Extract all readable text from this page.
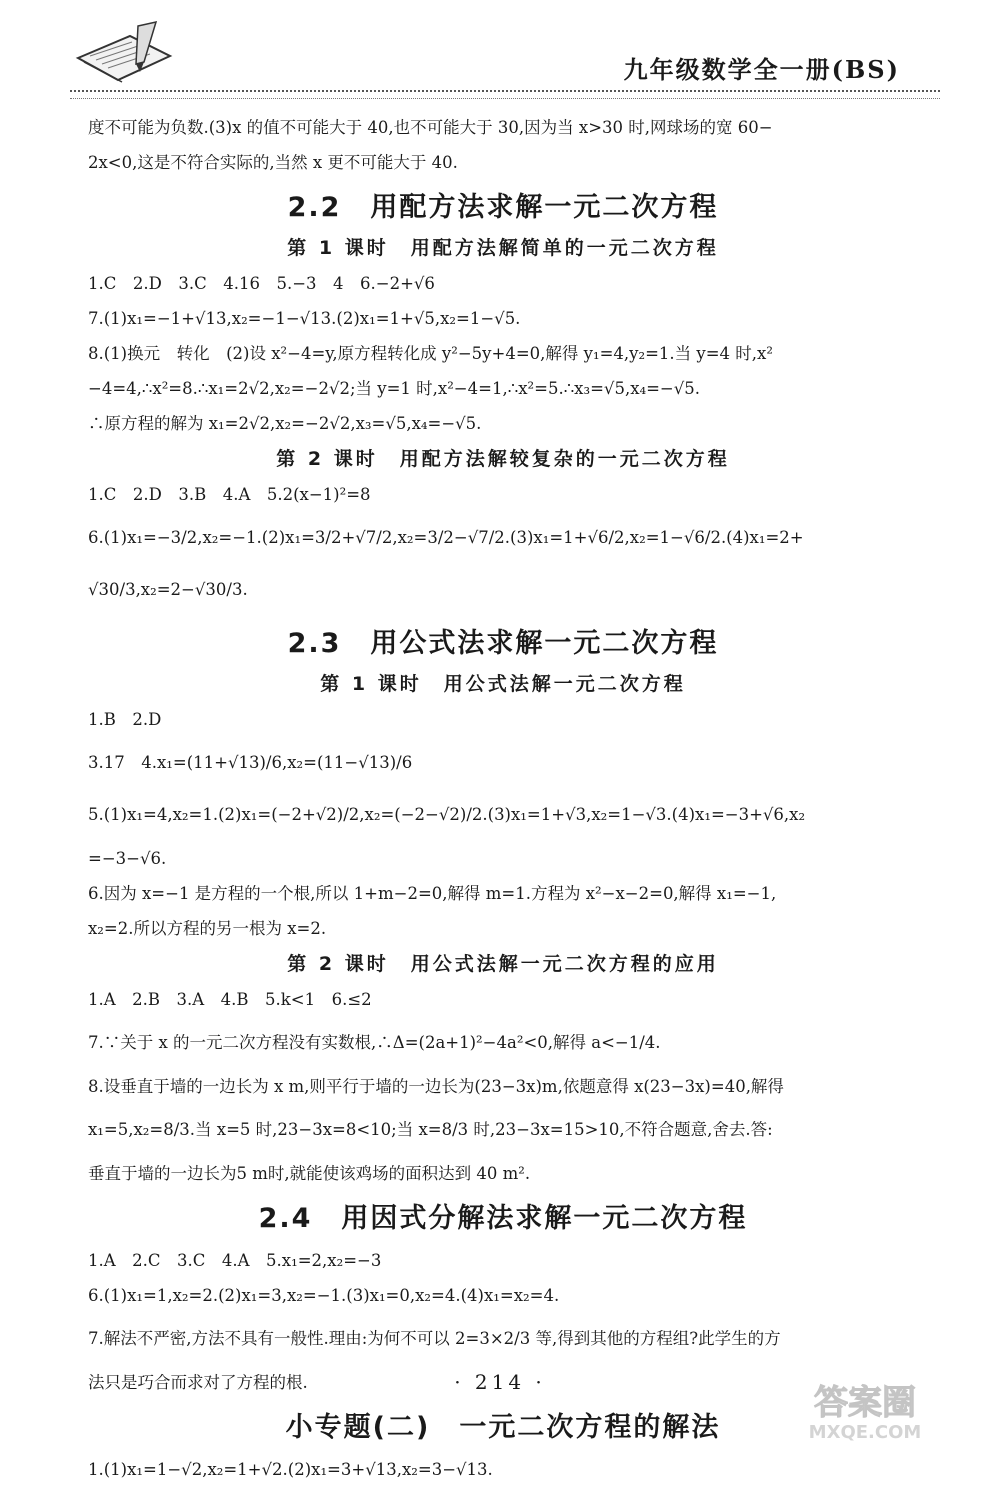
九年级数学全一册(BS)

度不可能为负数.(3)x 的值不可能大于 40,也不可能大于 30,因为当 x>30 时,网球场的宽 60−

2x<0,这是不符合实际的,当然 x 更不可能大于 40.

2.2　用配方法求解一元二次方程
第 1 课时　用配方法解简单的一元二次方程

1.C　2.D　3.C　4.16　5.−3　4　6.−2+√6

7.(1)x₁=−1+√13,x₂=−1−√13.(2)x₁=1+√5,x₂=1−√5.

8.(1)换元　转化　(2)设 x²−4=y,原方程转化成 y²−5y+4=0,解得 y₁=4,y₂=1.当 y=4 时,x²

−4=4,∴x²=8.∴x₁=2√2,x₂=−2√2;当 y=1 时,x²−4=1,∴x²=5.∴x₃=√5,x₄=−√5.

∴原方程的解为 x₁=2√2,x₂=−2√2,x₃=√5,x₄=−√5.

第 2 课时　用配方法解较复杂的一元二次方程

1.C　2.D　3.B　4.A　5.2(x−1)²=8

6.(1)x₁=−3/2,x₂=−1.(2)x₁=3/2+√7/2,x₂=3/2−√7/2.(3)x₁=1+√6/2,x₂=1−√6/2.(4)x₁=2+

√30/3,x₂=2−√30/3.

2.3　用公式法求解一元二次方程
第 1 课时　用公式法解一元二次方程

1.B　2.D

3.17　4.x₁=(11+√13)/6,x₂=(11−√13)/6

5.(1)x₁=4,x₂=1.(2)x₁=(−2+√2)/2,x₂=(−2−√2)/2.(3)x₁=1+√3,x₂=1−√3.(4)x₁=−3+√6,x₂

=−3−√6.

6.因为 x=−1 是方程的一个根,所以 1+m−2=0,解得 m=1.方程为 x²−x−2=0,解得 x₁=−1,

x₂=2.所以方程的另一根为 x=2.

第 2 课时　用公式法解一元二次方程的应用

1.A　2.B　3.A　4.B　5.k<1　6.≤2

7.∵关于 x 的一元二次方程没有实数根,∴Δ=(2a+1)²−4a²<0,解得 a<−1/4.

8.设垂直于墙的一边长为 x m,则平行于墙的一边长为(23−3x)m,依题意得 x(23−3x)=40,解得

x₁=5,x₂=8/3.当 x=5 时,23−3x=8<10;当 x=8/3 时,23−3x=15>10,不符合题意,舍去.答:

垂直于墙的一边长为5 m时,就能使该鸡场的面积达到 40 m².

2.4　用因式分解法求解一元二次方程

1.A　2.C　3.C　4.A　5.x₁=2,x₂=−3

6.(1)x₁=1,x₂=2.(2)x₁=3,x₂=−1.(3)x₁=0,x₂=4.(4)x₁=x₂=4.

7.解法不严密,方法不具有一般性.理由:为何不可以 2=3×2/3 等,得到其他的方程组?此学生的方

法只是巧合而求对了方程的根.

小专题(二)　一元二次方程的解法

1.(1)x₁=1−√2,x₂=1+√2.(2)x₁=3+√13,x₂=3−√13.

· 214 ·
答案圈
MXQE.COM
